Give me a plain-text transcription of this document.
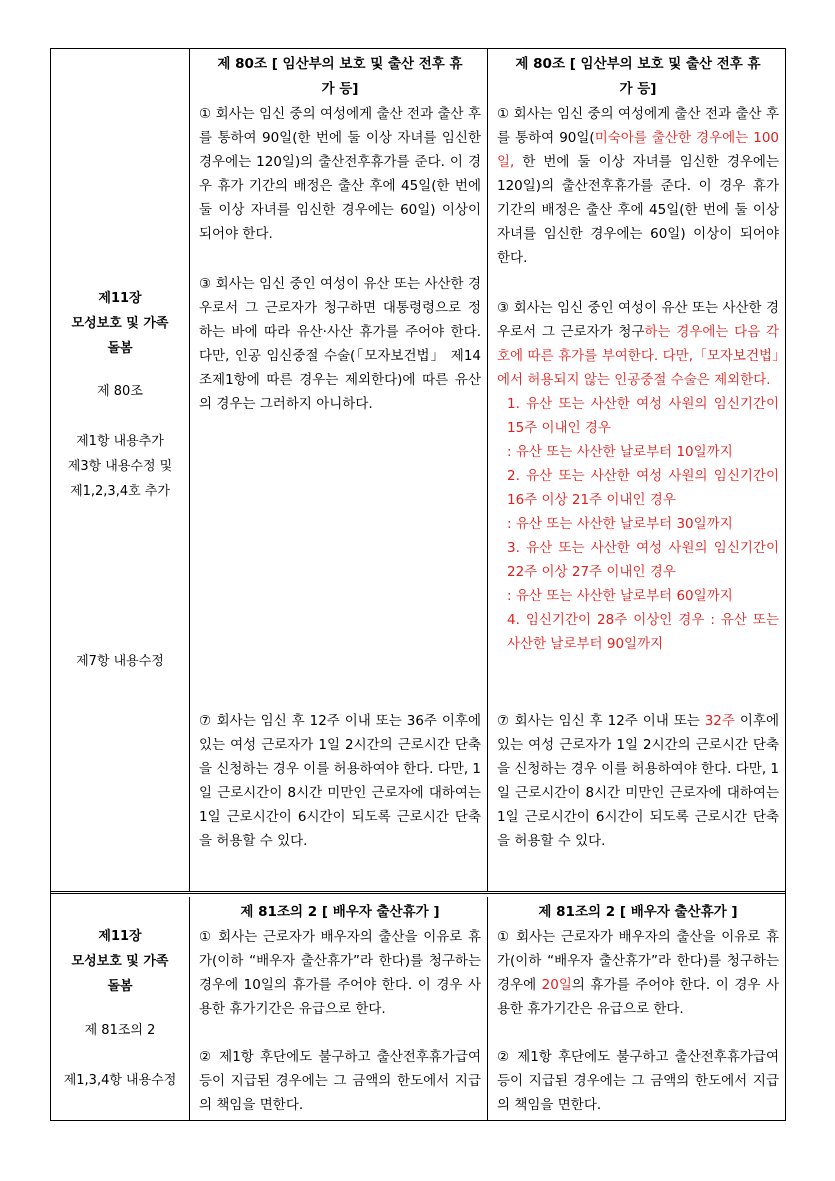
제11장
모성보호 및 가족
돌봄
제 80조
제1항 내용추가
제3항 내용수정 및
제1,2,3,4호 추가
제7항 내용수정
제 80조 [ 임산부의 보호 및 출산 전후 휴
가 등]
① 회사는 임신 중의 여성에게 출산 전과 출산 후를 통하여 90일(한 번에 둘 이상 자녀를 임신한 경우에는 120일)의 출산전후휴가를 준다. 이 경우 휴가 기간의 배정은 출산 후에 45일(한 번에 둘 이상 자녀를 임신한 경우에는 60일) 이상이 되어야 한다.
③ 회사는 임신 중인 여성이 유산 또는 사산한 경우로서 그 근로자가 청구하면 대통령령으로 정하는 바에 따라 유산·사산 휴가를 주어야 한다. 다만, 인공 임신중절 수술(「모자보건법」 제14조제1항에 따른 경우는 제외한다)에 따른 유산의 경우는 그러하지 아니하다.
⑦ 회사는 임신 후 12주 이내 또는 36주 이후에 있는 여성 근로자가 1일 2시간의 근로시간 단축을 신청하는 경우 이를 허용하여야 한다. 다만, 1일 근로시간이 8시간 미만인 근로자에 대하여는 1일 근로시간이 6시간이 되도록 근로시간 단축을 허용할 수 있다.
제 80조 [ 임산부의 보호 및 출산 전후 휴
가 등]
① 회사는 임신 중의 여성에게 출산 전과 출산 후를 통하여 90일(미숙아를 출산한 경우에는 100일, 한 번에 둘 이상 자녀를 임신한 경우에는 120일)의 출산전후휴가를 준다. 이 경우 휴가 기간의 배정은 출산 후에 45일(한 번에 둘 이상 자녀를 임신한 경우에는 60일) 이상이 되어야 한다.
③ 회사는 임신 중인 여성이 유산 또는 사산한 경우로서 그 근로자가 청구하는 경우에는 다음 각 호에 따른 휴가를 부여한다. 다만,「모자보건법」에서 허용되지 않는 인공중절 수술은 제외한다.
1. 유산 또는 사산한 여성 사원의 임신기간이 15주 이내인 경우
: 유산 또는 사산한 날로부터 10일까지
2. 유산 또는 사산한 여성 사원의 임신기간이 16주 이상 21주 이내인 경우
: 유산 또는 사산한 날로부터 30일까지
3. 유산 또는 사산한 여성 사원의 임신기간이 22주 이상 27주 이내인 경우
: 유산 또는 사산한 날로부터 60일까지
4. 임신기간이 28주 이상인 경우 : 유산 또는 사산한 날로부터 90일까지
⑦ 회사는 임신 후 12주 이내 또는 32주 이후에 있는 여성 근로자가 1일 2시간의 근로시간 단축을 신청하는 경우 이를 허용하여야 한다. 다만, 1일 근로시간이 8시간 미만인 근로자에 대하여는 1일 근로시간이 6시간이 되도록 근로시간 단축을 허용할 수 있다.
제11장
모성보호 및 가족
돌봄
제 81조의 2
제1,3,4항 내용수정
제 81조의 2 [ 배우자 출산휴가 ]
① 회사는 근로자가 배우자의 출산을 이유로 휴가(이하 “배우자 출산휴가”라 한다)를 청구하는 경우에 10일의 휴가를 주어야 한다. 이 경우 사용한 휴가기간은 유급으로 한다.
② 제1항 후단에도 불구하고 출산전후휴가급여등이 지급된 경우에는 그 금액의 한도에서 지급의 책임을 면한다.
제 81조의 2 [ 배우자 출산휴가 ]
① 회사는 근로자가 배우자의 출산을 이유로 휴가(이하 “배우자 출산휴가”라 한다)를 청구하는 경우에 20일의 휴가를 주어야 한다. 이 경우 사용한 휴가기간은 유급으로 한다.
② 제1항 후단에도 불구하고 출산전후휴가급여등이 지급된 경우에는 그 금액의 한도에서 지급의 책임을 면한다.
